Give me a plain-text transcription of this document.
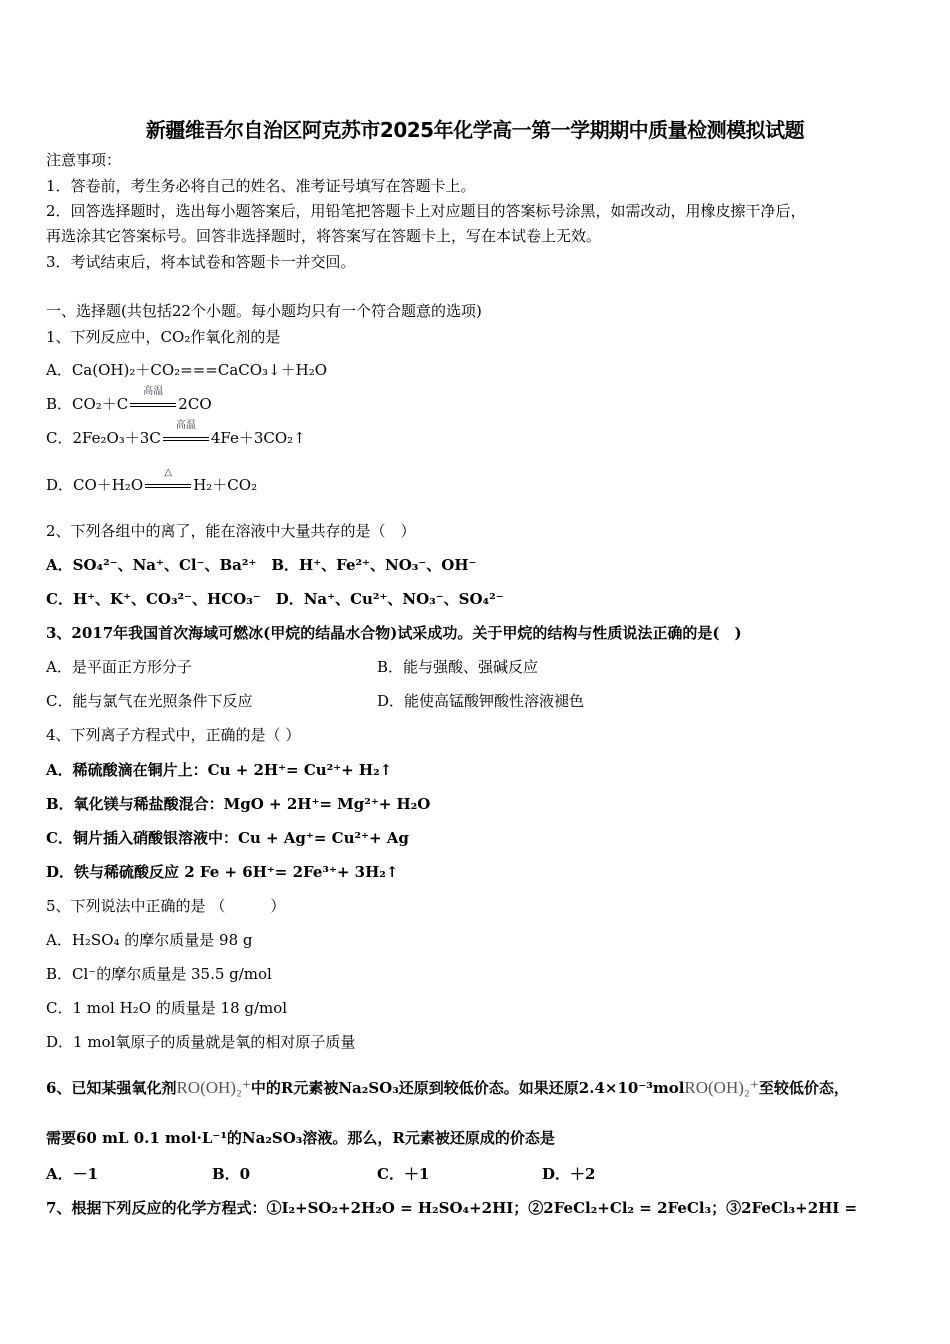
新疆维吾尔自治区阿克苏市2025年化学高一第一学期期中质量检测模拟试题
注意事项：
1．答卷前，考生务必将自己的姓名、准考证号填写在答题卡上。
2．回答选择题时，选出每小题答案后，用铅笔把答题卡上对应题目的答案标号涂黑，如需改动，用橡皮擦干净后，
再选涂其它答案标号。回答非选择题时，将答案写在答题卡上，写在本试卷上无效。
3．考试结束后，将本试卷和答题卡一并交回。
一、选择题(共包括22个小题。每小题均只有一个符合题意的选项)
1、下列反应中，CO₂作氧化剂的是
A．Ca(OH)₂＋CO₂===CaCO₃↓＋H₂O
B．CO₂＋C
高温
2CO
C．2Fe₂O₃＋3C
高温
4Fe＋3CO₂↑
D．CO＋H₂O
△
H₂＋CO₂
2、下列各组中的离了，能在溶液中大量共存的是（　）
A．SO₄²⁻、Na⁺、Cl⁻、Ba²⁺　B．H⁺、Fe²⁺、NO₃⁻、OH⁻
C．H⁺、K⁺、CO₃²⁻、HCO₃⁻　D．Na⁺、Cu²⁺、NO₃⁻、SO₄²⁻
3、2017年我国首次海域可燃冰(甲烷的结晶水合物)试采成功。关于甲烷的结构与性质说法正确的是(　)
A．是平面正方形分子	B．能与强酸、强碱反应
C．能与氯气在光照条件下反应	D．能使高锰酸钾酸性溶液褪色
4、下列离子方程式中，正确的是（ ）
A．稀硫酸滴在铜片上：Cu + 2H⁺= Cu²⁺+ H₂↑
B．氧化镁与稀盐酸混合：MgO + 2H⁺= Mg²⁺+ H₂O
C．铜片插入硝酸银溶液中：Cu + Ag⁺= Cu²⁺+ Ag
D．铁与稀硫酸反应 2 Fe + 6H⁺= 2Fe³⁺+ 3H₂↑
5、下列说法中正确的是 （　　　）
A．H₂SO₄ 的摩尔质量是 98 g
B．Cl⁻的摩尔质量是 35.5 g/mol
C．1 mol H₂O 的质量是 18 g/mol
D．1 mol氧原子的质量就是氧的相对原子质量
6、已知某强氧化剂RO(OH)₂⁺中的R元素被Na₂SO₃还原到较低价态。如果还原2.4×10⁻³molRO(OH)₂⁺至较低价态，
需要60 mL 0.1 mol·L⁻¹的Na₂SO₃溶液。那么，R元素被还原成的价态是
A．－1	B．0	C．＋1	D．＋2
7、根据下列反应的化学方程式：①I₂+SO₂+2H₂O = H₂SO₄+2HI；②2FeCl₂+Cl₂ = 2FeCl₃；③2FeCl₃+2HI =
